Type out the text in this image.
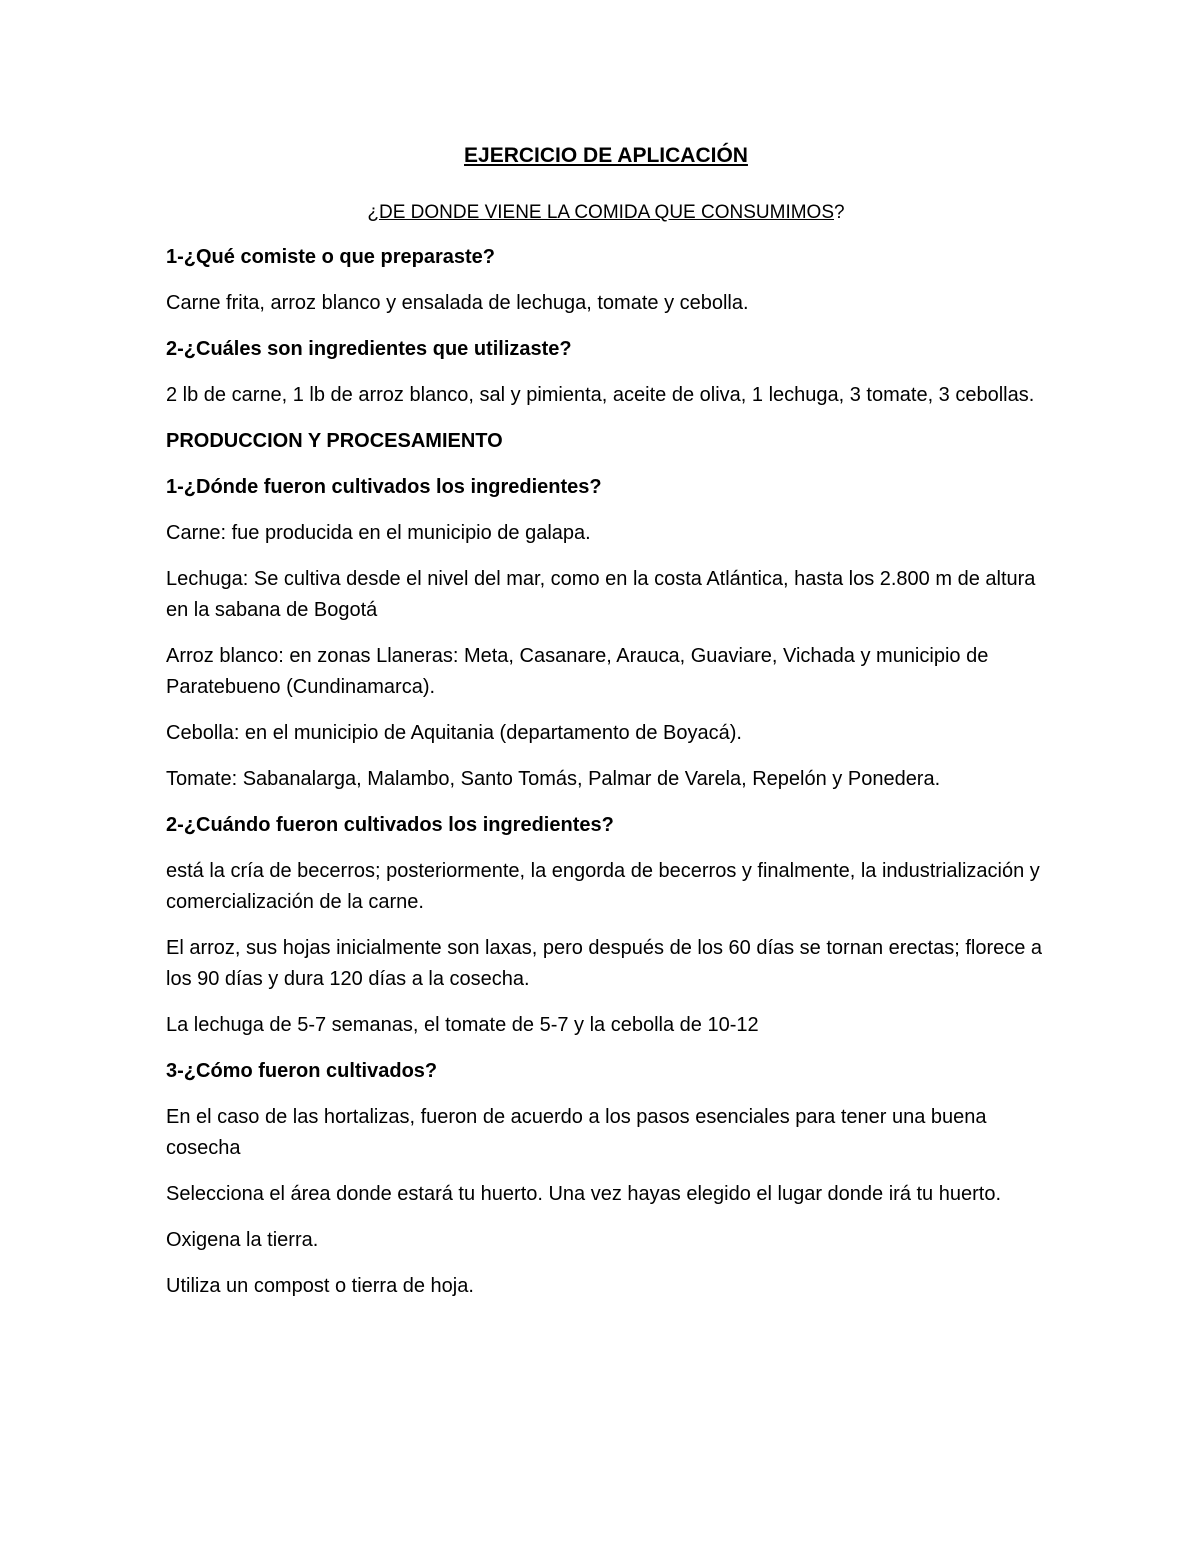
EJERCICIO DE APLICACIÓN
¿DE DONDE VIENE LA COMIDA QUE CONSUMIMOS?
1-¿Qué comiste o que preparaste?
Carne frita, arroz blanco y ensalada de lechuga, tomate y cebolla.
2-¿Cuáles son ingredientes que utilizaste?
2 lb de carne, 1 lb de arroz blanco, sal y pimienta, aceite de oliva, 1 lechuga, 3 tomate, 3 cebollas.
PRODUCCION Y PROCESAMIENTO
1-¿Dónde fueron cultivados los ingredientes?
Carne: fue producida en el municipio de galapa.
Lechuga: Se cultiva desde el nivel del mar, como en la costa Atlántica, hasta los 2.800 m de altura en la sabana de Bogotá
Arroz blanco: en zonas Llaneras: Meta, Casanare, Arauca, Guaviare, Vichada y municipio de Paratebueno (Cundinamarca).
Cebolla: en el municipio de Aquitania (departamento de Boyacá).
Tomate: Sabanalarga, Malambo, Santo Tomás, Palmar de Varela, Repelón y Ponedera.
2-¿Cuándo fueron cultivados los ingredientes?
está la cría de becerros; posteriormente, la engorda de becerros y finalmente, la industrialización y comercialización de la carne.
El arroz, sus hojas inicialmente son laxas, pero después de los 60 días se tornan erectas; florece a los 90 días y dura 120 días a la cosecha.
La lechuga de 5-7 semanas, el tomate de 5-7 y la cebolla de 10-12
3-¿Cómo fueron cultivados?
En el caso de las hortalizas, fueron de acuerdo a los pasos esenciales para tener una buena cosecha
Selecciona el área donde estará tu huerto. Una vez hayas elegido el lugar donde irá tu huerto.
Oxigena la tierra.
Utiliza un compost o tierra de hoja.
